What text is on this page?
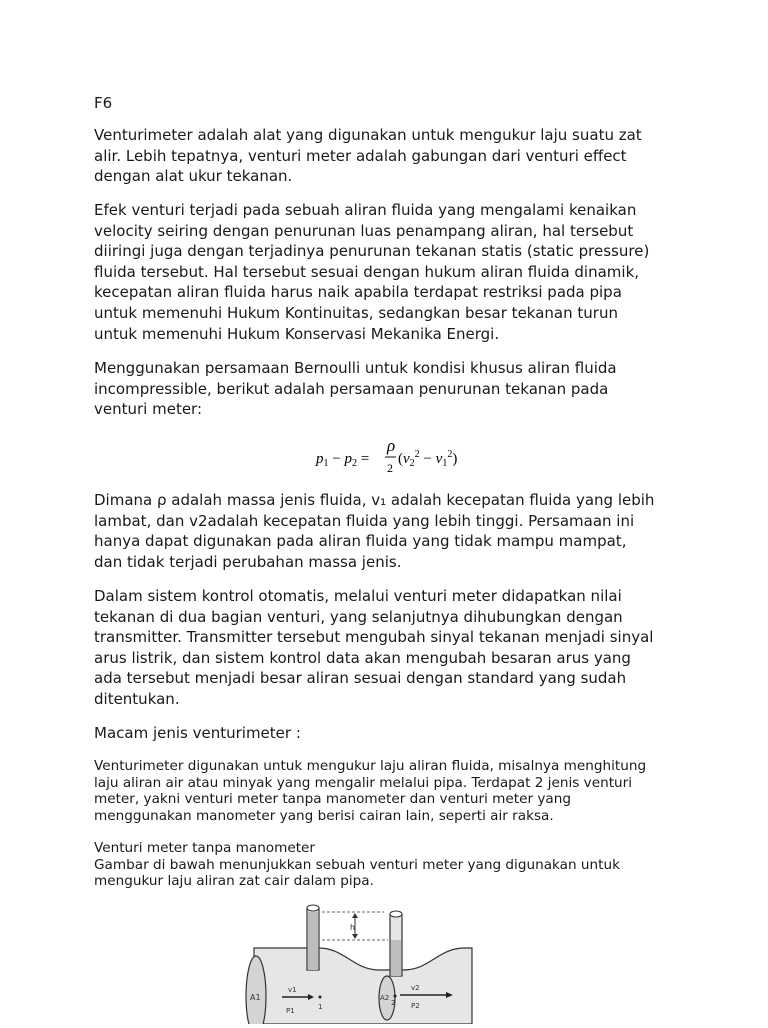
F6

Venturimeter adalah alat yang digunakan untuk mengukur laju suatu zat
alir. Lebih tepatnya, venturi meter adalah gabungan dari venturi effect
dengan alat ukur tekanan.

Efek venturi terjadi pada sebuah aliran fluida yang mengalami kenaikan
velocity seiring dengan penurunan luas penampang aliran, hal tersebut
diiringi juga dengan terjadinya penurunan tekanan statis (static pressure)
fluida tersebut. Hal tersebut sesuai dengan hukum aliran fluida dinamik,
kecepatan aliran fluida harus naik apabila terdapat restriksi pada pipa
untuk memenuhi Hukum Kontinuitas, sedangkan besar tekanan turun
untuk memenuhi Hukum Konservasi Mekanika Energi.

Menggunakan persamaan Bernoulli untuk kondisi khusus aliran fluida
incompressible, berikut adalah persamaan penurunan tekanan pada
venturi meter:

$p_1 - p_2$ =
ρ
2
$(v_2^2 - v_1^2)$

Dimana ρ adalah massa jenis fluida, v₁ adalah kecepatan fluida yang lebih
lambat, dan v2adalah kecepatan fluida yang lebih tinggi. Persamaan ini
hanya dapat digunakan pada aliran fluida yang tidak mampu mampat,
dan tidak terjadi perubahan massa jenis.

Dalam sistem kontrol otomatis, melalui venturi meter didapatkan nilai
tekanan di dua bagian venturi, yang selanjutnya dihubungkan dengan
transmitter. Transmitter tersebut mengubah sinyal tekanan menjadi sinyal
arus listrik, dan sistem kontrol data akan mengubah besaran arus yang
ada tersebut menjadi besar aliran sesuai dengan standard yang sudah
ditentukan.

Macam jenis venturimeter :

Venturimeter digunakan untuk mengukur laju aliran fluida, misalnya menghitung
laju aliran air atau minyak yang mengalir melalui pipa. Terdapat 2 jenis venturi
meter, yakni venturi meter tanpa manometer dan venturi meter yang
menggunakan manometer yang berisi cairan lain, seperti air raksa.

Venturi meter tanpa manometer
Gambar di bawah menunjukkan sebuah venturi meter yang digunakan untuk
mengukur laju aliran zat cair dalam pipa.

h
A1	A2
v1	v2
P1
P2
1	2
